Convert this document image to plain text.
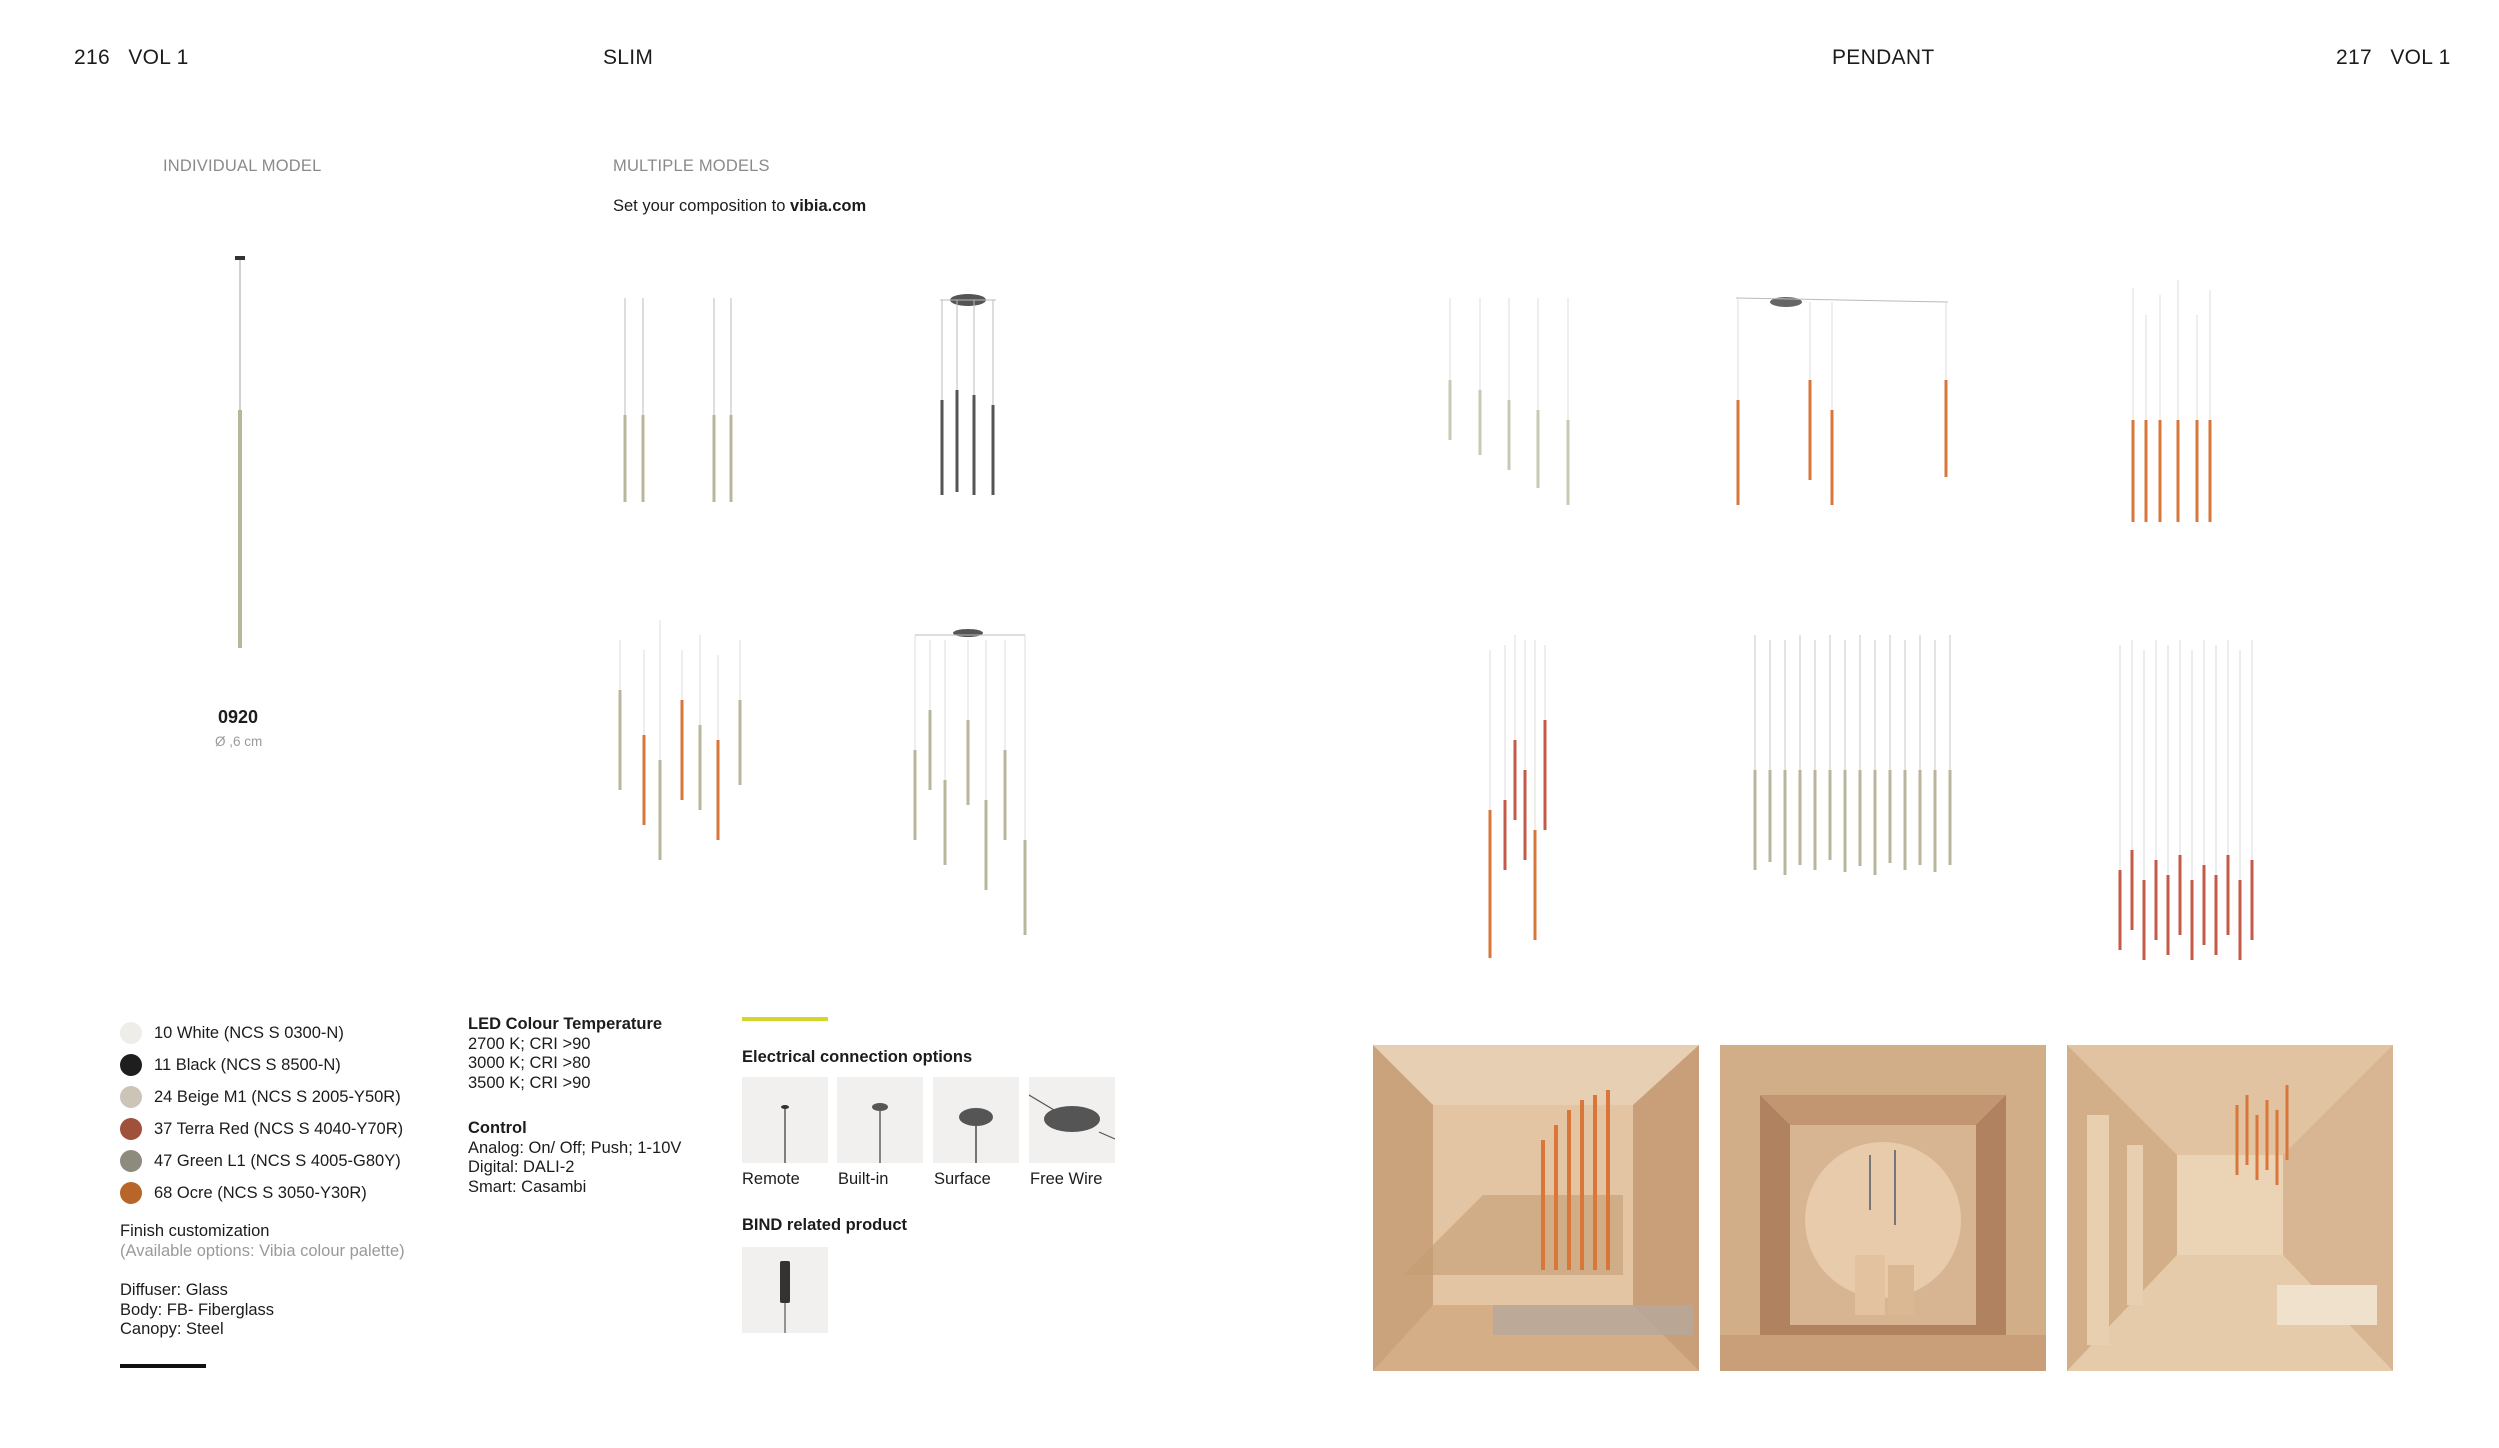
216 VOL 1	SLIM	PENDANT	217 VOL 1
INDIVIDUAL MODEL	MULTIPLE MODELS
Set your composition to vibia.com
0920
Ø ,6 cm
10 White (NCS S 0300-N)
11 Black (NCS S 8500-N)
24 Beige M1 (NCS S 2005-Y50R)
37 Terra Red (NCS S 4040-Y70R)
47 Green L1 (NCS S 4005-G80Y)
68 Ocre (NCS S 3050-Y30R)
Finish customization
(Available options: Vibia colour palette)
Diffuser: Glass
Body: FB- Fiberglass
Canopy: Steel
LED Colour Temperature
2700 K; CRI >90
3000 K; CRI >80
3500 K; CRI >90
Control
Analog: On/ Off; Push; 1-10V
Digital: DALI-2
Smart: Casambi
Electrical connection options
Remote Built-in	Surface Free Wire
BIND related product
